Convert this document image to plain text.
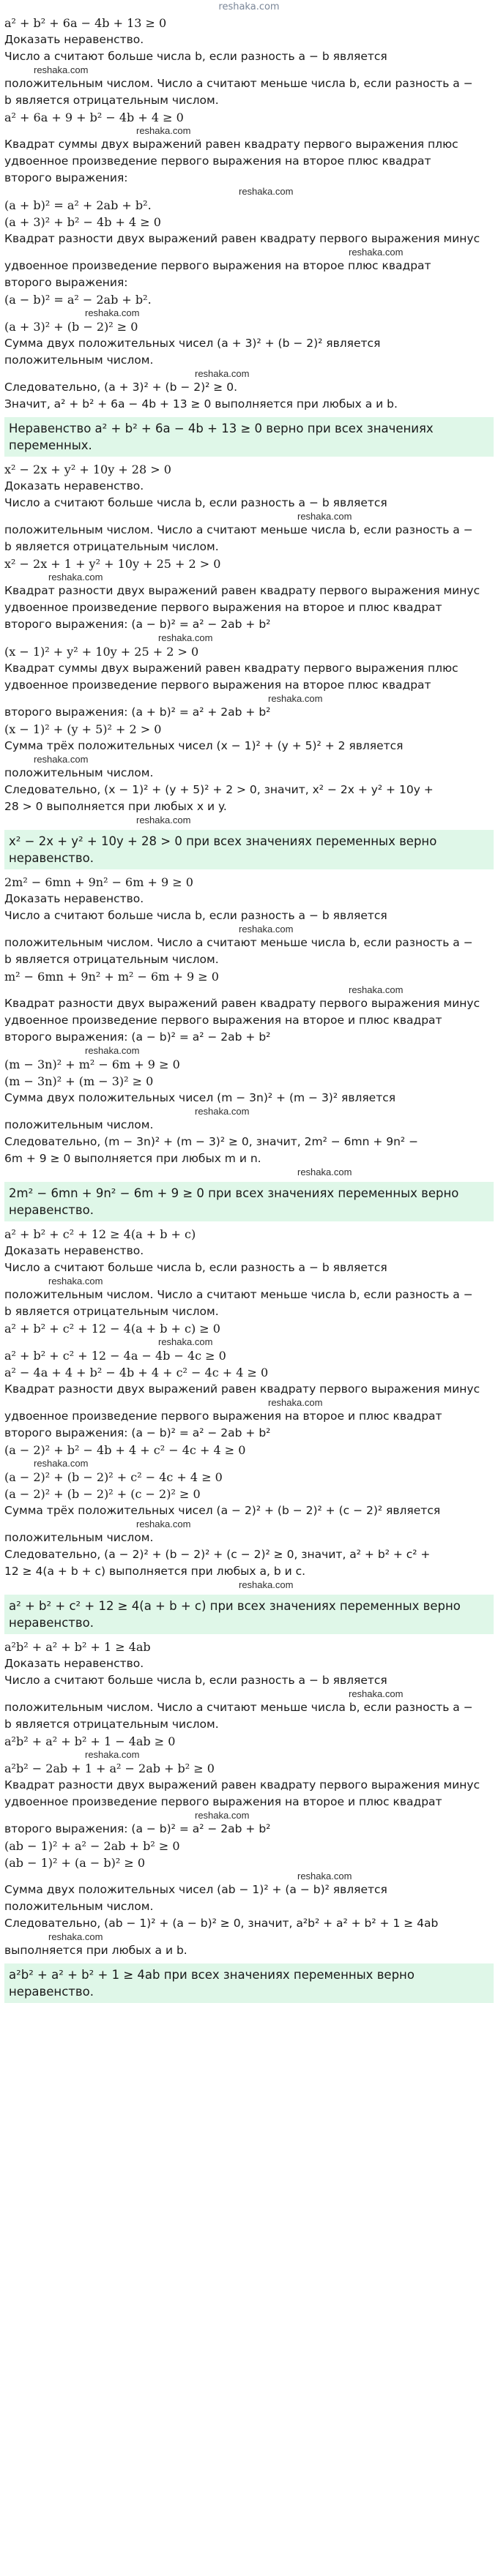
reshaka.com

a² + b² + 6a − 4b + 13 ≥ 0

Доказать неравенство.

Число a считают больше числа b, если разность a − b является

reshaka.com

положительным числом. Число a считают меньше числа b, если разность a −

b является отрицательным числом.

a² + 6a + 9 + b² − 4b + 4 ≥ 0

reshaka.com

Квадрат суммы двух выражений равен квадрату первого выражения плюс

удвоенное произведение первого выражения на второе плюс квадрат

второго выражения:

reshaka.com

(a + b)² = a² + 2ab + b².

(a + 3)² + b² − 4b + 4 ≥ 0

Квадрат разности двух выражений равен квадрату первого выражения минус

reshaka.com

удвоенное произведение первого выражения на второе плюс квадрат

второго выражения:

(a − b)² = a² − 2ab + b².

reshaka.com

(a + 3)² + (b − 2)² ≥ 0

Сумма двух положительных чисел (a + 3)² + (b − 2)² является

положительным числом.

reshaka.com

Следовательно, (a + 3)² + (b − 2)² ≥ 0.

Значит, a² + b² + 6a − 4b + 13 ≥ 0 выполняется при любых a и b.

Неравенство a² + b² + 6a − 4b + 13 ≥ 0 верно при всех значениях переменных.

x² − 2x + y² + 10y + 28 > 0

Доказать неравенство.

Число a считают больше числа b, если разность a − b является

reshaka.com

положительным числом. Число a считают меньше числа b, если разность a −

b является отрицательным числом.

x² − 2x + 1 + y² + 10y + 25 + 2 > 0

reshaka.com

Квадрат разности двух выражений равен квадрату первого выражения минус

удвоенное произведение первого выражения на второе и плюс квадрат

второго выражения: (a − b)² = a² − 2ab + b²

reshaka.com

(x − 1)² + y² + 10y + 25 + 2 > 0

Квадрат суммы двух выражений равен квадрату первого выражения плюс

удвоенное произведение первого выражения на второе плюс квадрат

reshaka.com

второго выражения: (a + b)² = a² + 2ab + b²

(x − 1)² + (y + 5)² + 2 > 0

Сумма трёх положительных чисел (x − 1)² + (y + 5)² + 2 является

reshaka.com

положительным числом.

Следовательно, (x − 1)² + (y + 5)² + 2 > 0, значит, x² − 2x + y² + 10y +

28 > 0 выполняется при любых x и y.

reshaka.com
x² − 2x + y² + 10y + 28 > 0 при всех значениях переменных верно неравенство.

2m² − 6mn + 9n² − 6m + 9 ≥ 0

Доказать неравенство.

Число a считают больше числа b, если разность a − b является

reshaka.com

положительным числом. Число a считают меньше числа b, если разность a −

b является отрицательным числом.

m² − 6mn + 9n² + m² − 6m + 9 ≥ 0

reshaka.com

Квадрат разности двух выражений равен квадрату первого выражения минус

удвоенное произведение первого выражения на второе и плюс квадрат

второго выражения: (a − b)² = a² − 2ab + b²

reshaka.com

(m − 3n)² + m² − 6m + 9 ≥ 0

(m − 3n)² + (m − 3)² ≥ 0

Сумма двух положительных чисел (m − 3n)² + (m − 3)² является

reshaka.com

положительным числом.

Следовательно, (m − 3n)² + (m − 3)² ≥ 0, значит, 2m² − 6mn + 9n² −

6m + 9 ≥ 0 выполняется при любых m и n.

reshaka.com
2m² − 6mn + 9n² − 6m + 9 ≥ 0 при всех значениях переменных верно неравенство.

a² + b² + c² + 12 ≥ 4(a + b + c)

Доказать неравенство.

Число a считают больше числа b, если разность a − b является

reshaka.com

положительным числом. Число a считают меньше числа b, если разность a −

b является отрицательным числом.

a² + b² + c² + 12 − 4(a + b + c) ≥ 0

reshaka.com

a² + b² + c² + 12 − 4a − 4b − 4c ≥ 0

a² − 4a + 4 + b² − 4b + 4 + c² − 4c + 4 ≥ 0

Квадрат разности двух выражений равен квадрату первого выражения минус

reshaka.com

удвоенное произведение первого выражения на второе и плюс квадрат

второго выражения: (a − b)² = a² − 2ab + b²

(a − 2)² + b² − 4b + 4 + c² − 4c + 4 ≥ 0

reshaka.com

(a − 2)² + (b − 2)² + c² − 4c + 4 ≥ 0

(a − 2)² + (b − 2)² + (c − 2)² ≥ 0

Сумма трёх положительных чисел (a − 2)² + (b − 2)² + (c − 2)² является

reshaka.com

положительным числом.

Следовательно, (a − 2)² + (b − 2)² + (c − 2)² ≥ 0, значит, a² + b² + c² +

12 ≥ 4(a + b + c) выполняется при любых a, b и c.

reshaka.com
a² + b² + c² + 12 ≥ 4(a + b + c) при всех значениях переменных верно неравенство.

a²b² + a² + b² + 1 ≥ 4ab

Доказать неравенство.

Число a считают больше числа b, если разность a − b является

reshaka.com

положительным числом. Число a считают меньше числа b, если разность a −

b является отрицательным числом.

a²b² + a² + b² + 1 − 4ab ≥ 0

reshaka.com

a²b² − 2ab + 1 + a² − 2ab + b² ≥ 0

Квадрат разности двух выражений равен квадрату первого выражения минус

удвоенное произведение первого выражения на второе и плюс квадрат

reshaka.com

второго выражения: (a − b)² = a² − 2ab + b²

(ab − 1)² + a² − 2ab + b² ≥ 0

(ab − 1)² + (a − b)² ≥ 0

reshaka.com

Сумма двух положительных чисел (ab − 1)² + (a − b)² является

положительным числом.

Следовательно, (ab − 1)² + (a − b)² ≥ 0, значит, a²b² + a² + b² + 1 ≥ 4ab

reshaka.com

выполняется при любых a и b.

a²b² + a² + b² + 1 ≥ 4ab при всех значениях переменных верно неравенство.
